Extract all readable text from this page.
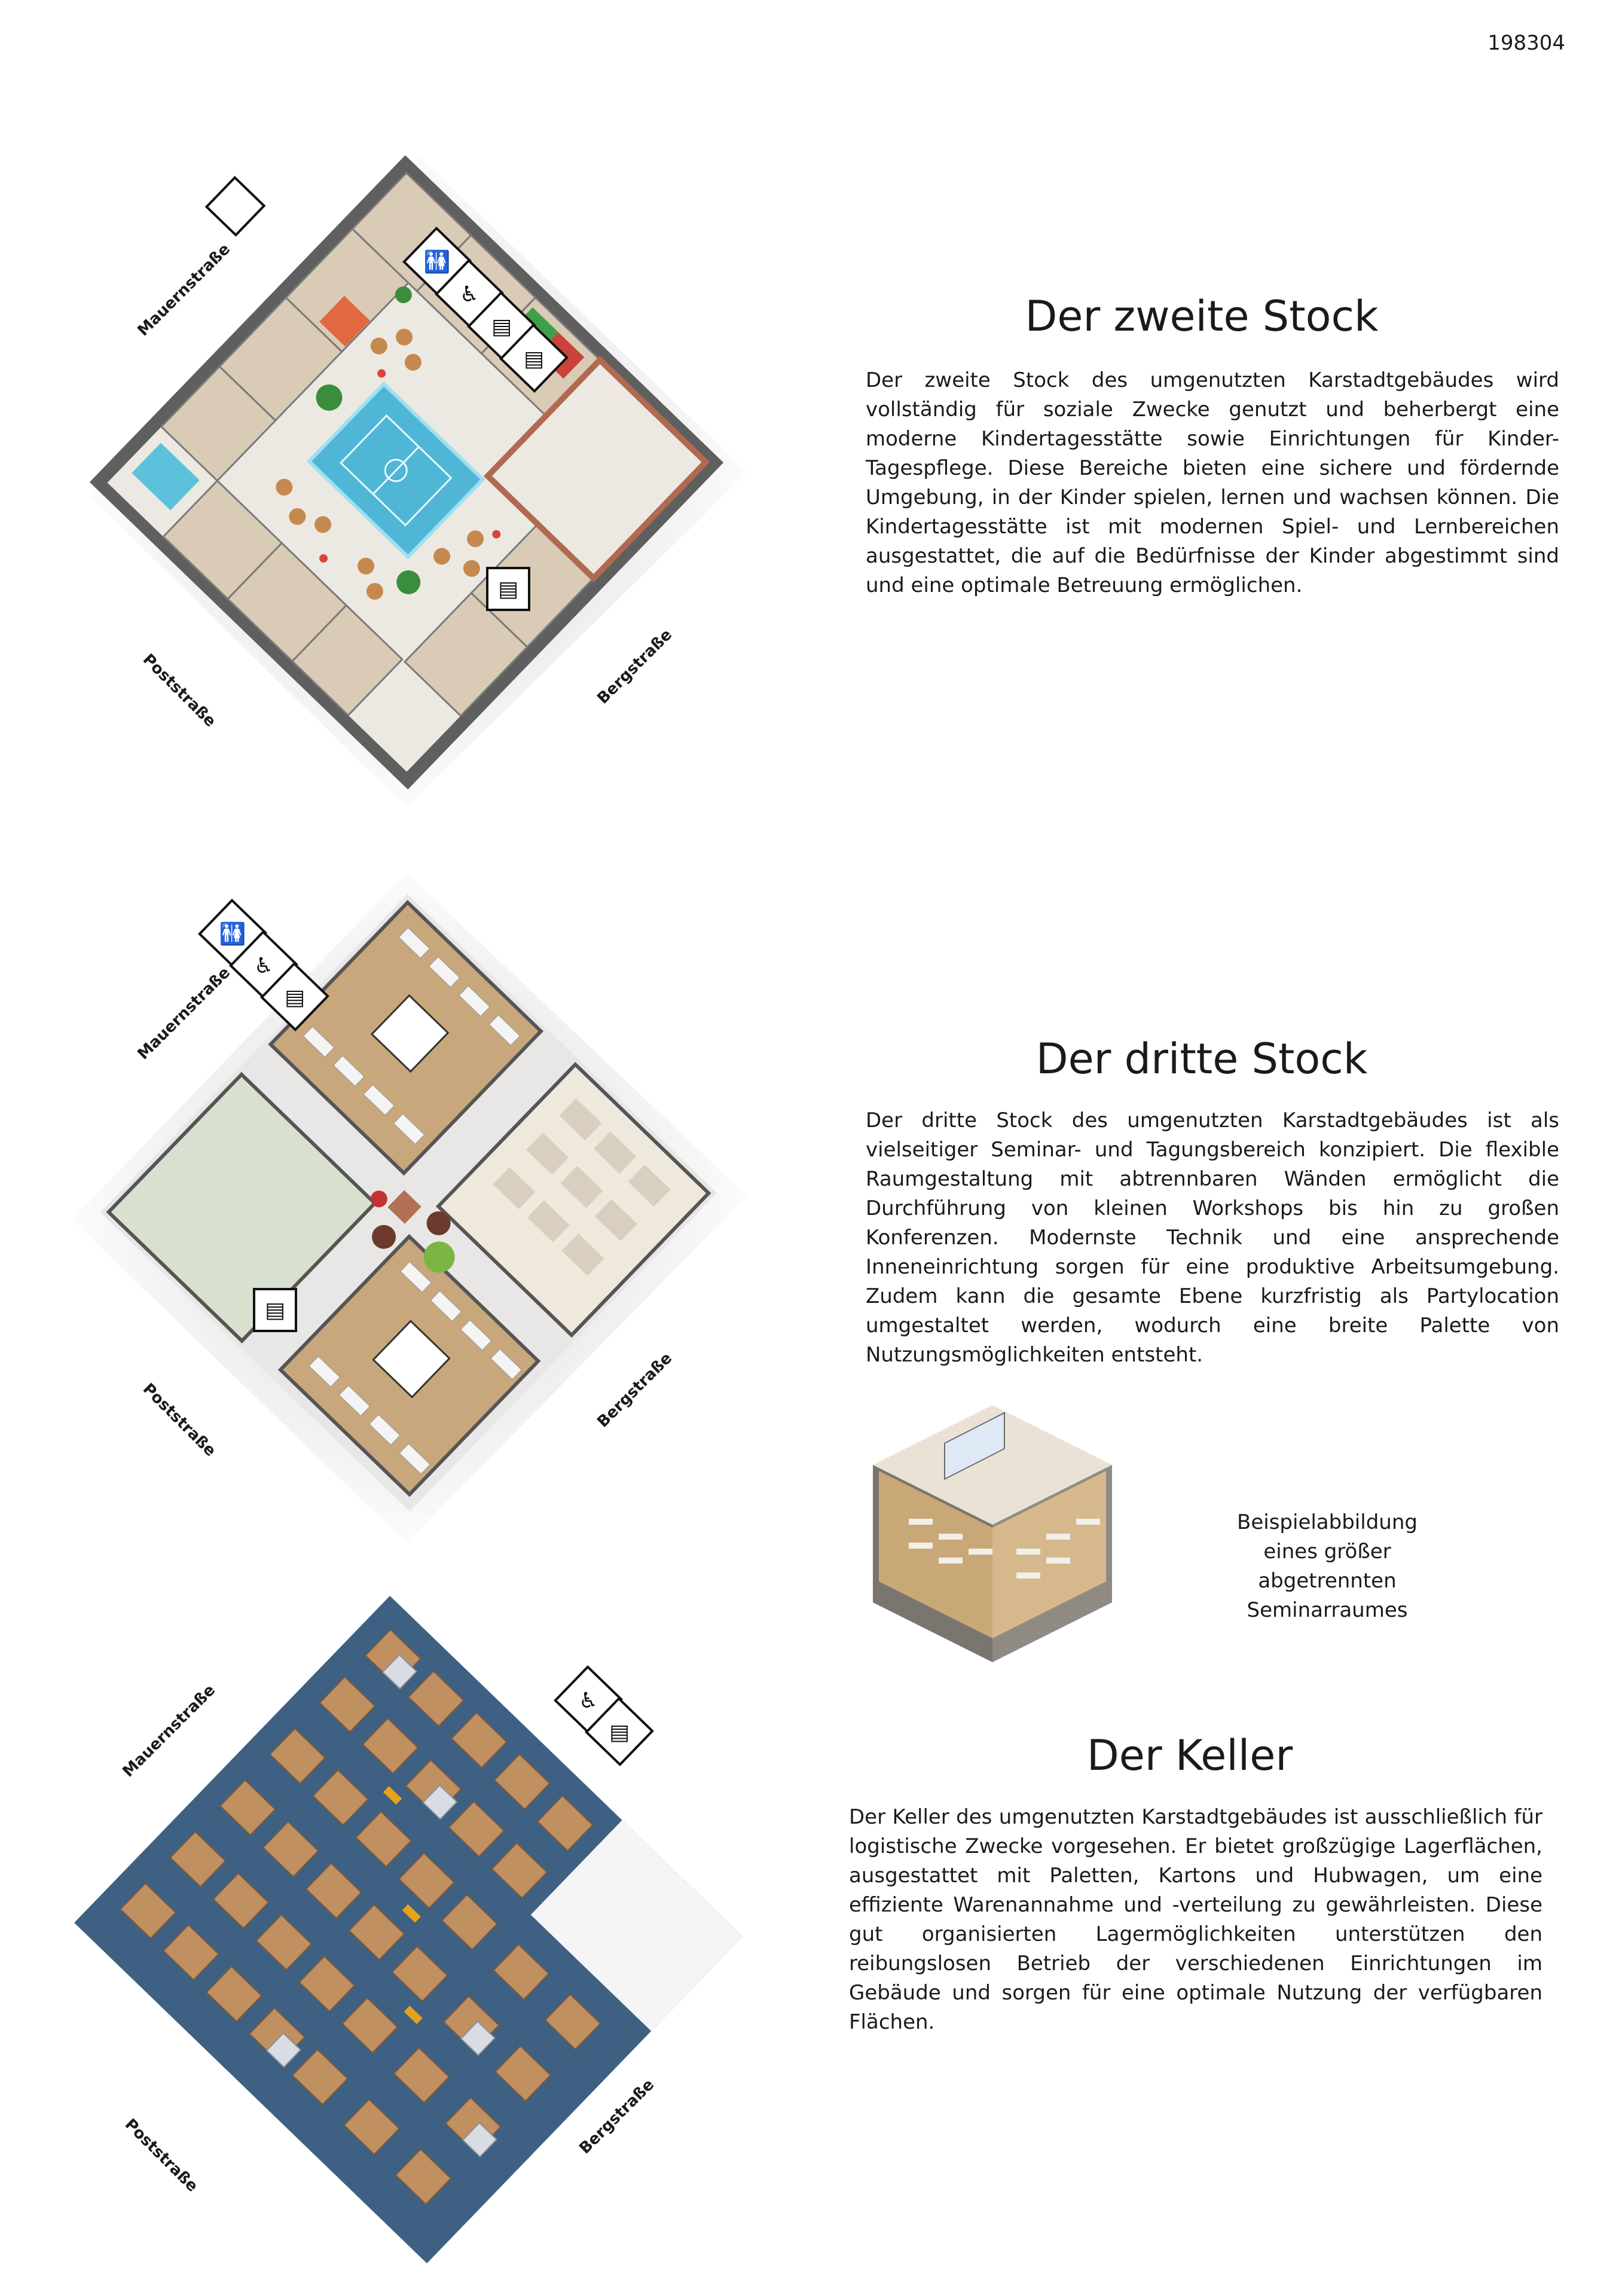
198304
🚻
♿
▤
▤
▤
Mauernstraße
Poststraße	Bergstraße
Der zweite Stock
Der zweite Stock des umgenutzten Karstadtgebäudes wird vollständig für soziale Zwecke genutzt und beherbergt eine moderne Kindertagesstätte sowie Einrichtungen für Kinder-Tagespflege. Diese Bereiche bieten eine sichere und fördernde Umgebung, in der Kinder spielen, lernen und wachsen können. Die Kindertagesstätte ist mit modernen Spiel- und Lernbereichen ausgestattet, die auf die Bedürfnisse der Kinder abgestimmt sind und eine optimale Betreuung ermöglichen.
🚻
♿
▤
▤
Mauernstraße
Poststraße	Bergstraße
Der dritte Stock
Der dritte Stock des umgenutzten Karstadtgebäudes ist als vielseitiger Seminar- und Tagungsbereich konzipiert. Die flexible Raumgestaltung mit abtrennbaren Wänden ermöglicht die Durchführung von kleinen Workshops bis hin zu großen Konferenzen. Modernste Technik und eine ansprechende Inneneinrichtung sorgen für eine produktive Arbeitsumgebung. Zudem kann die gesamte Ebene kurzfristig als Partylocation umgestaltet werden, wodurch eine breite Palette von Nutzungsmöglichkeiten entsteht.
Beispielabbildung eines größer abgetrennten Seminarraumes
♿
▤
Mauernstraße
Poststraße	Bergstraße
Der Keller
Der Keller des umgenutzten Karstadtgebäudes ist ausschließlich für logistische Zwecke vorgesehen. Er bietet großzügige Lagerflächen, ausgestattet mit Paletten, Kartons und Hubwagen, um eine effiziente Warenannahme und -verteilung zu gewährleisten. Diese gut organisierten Lagermöglichkeiten unterstützen den reibungslosen Betrieb der verschiedenen Einrichtungen im Gebäude und sorgen für eine optimale Nutzung der verfügbaren Flächen.
